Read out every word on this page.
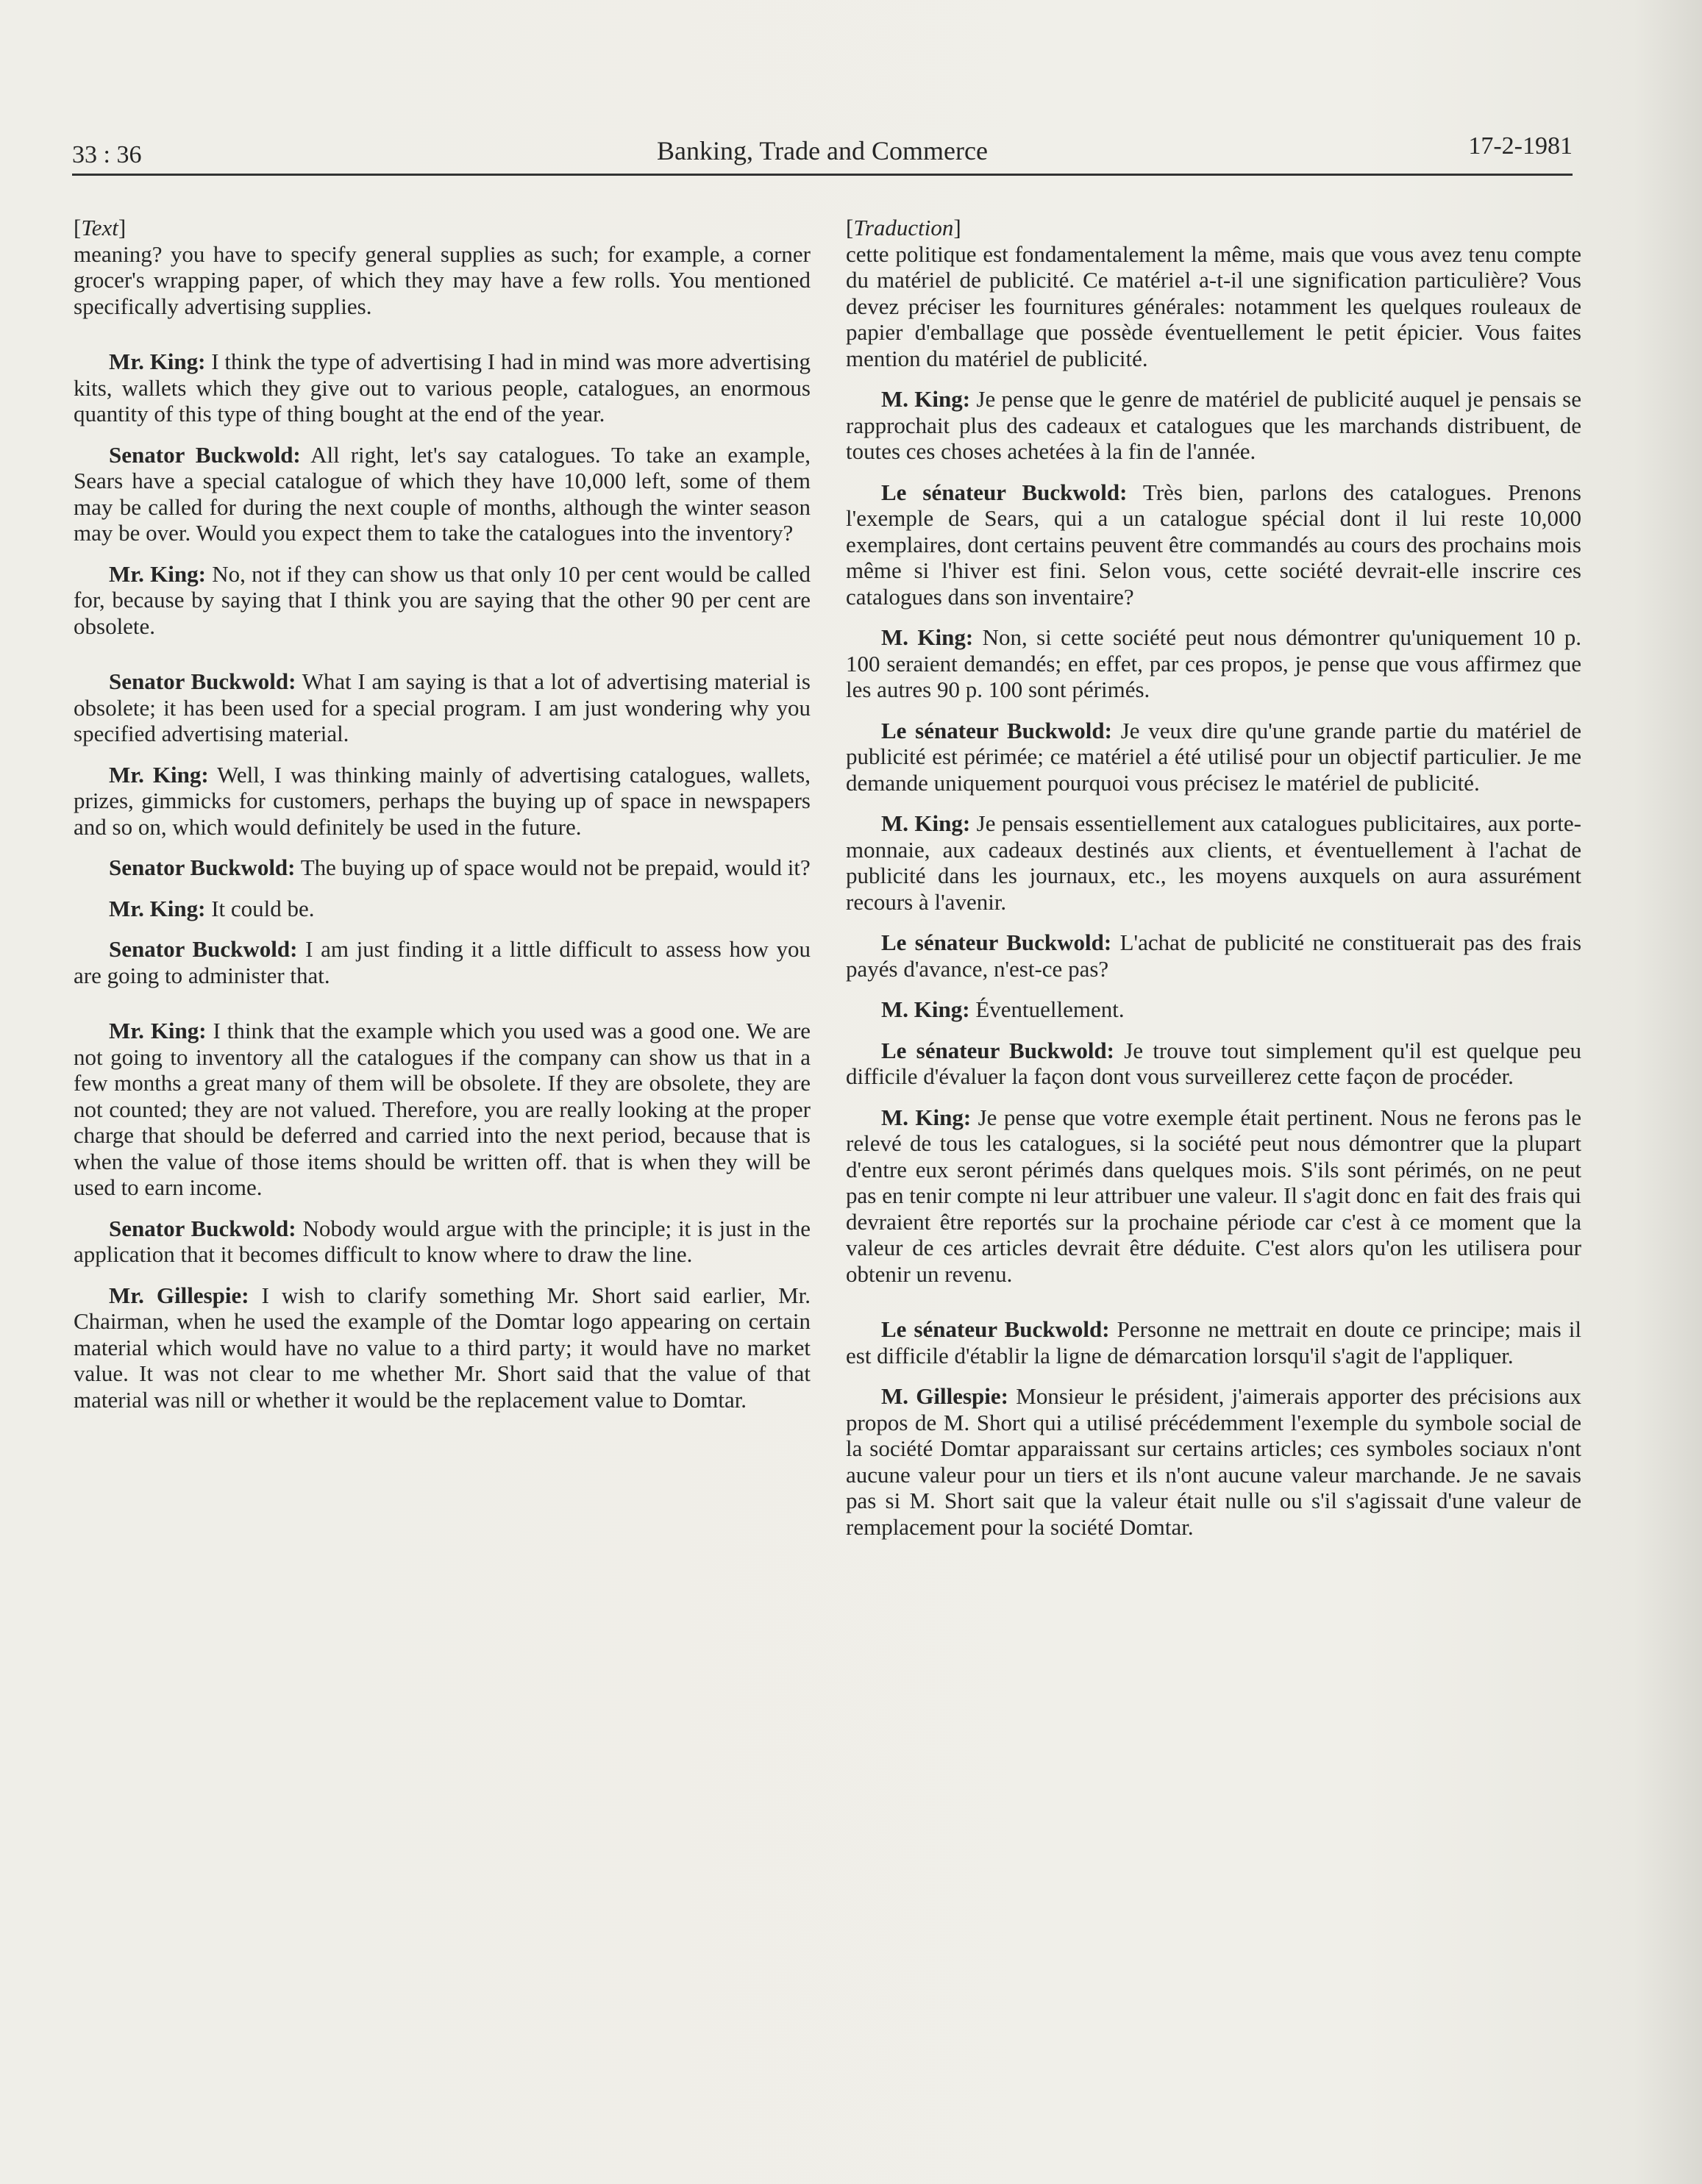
33 : 36	Banking, Trade and Commerce	17-2-1981

[Text]

meaning? you have to specify general supplies as such; for example, a corner grocer's wrapping paper, of which they may have a few rolls. You mentioned specifically advertising supplies.

Mr. King: I think the type of advertising I had in mind was more advertising kits, wallets which they give out to various people, catalogues, an enormous quantity of this type of thing bought at the end of the year.

Senator Buckwold: All right, let's say catalogues. To take an example, Sears have a special catalogue of which they have 10,000 left, some of them may be called for during the next couple of months, although the winter season may be over. Would you expect them to take the catalogues into the inventory?

Mr. King: No, not if they can show us that only 10 per cent would be called for, because by saying that I think you are saying that the other 90 per cent are obsolete.

Senator Buckwold: What I am saying is that a lot of advertising material is obsolete; it has been used for a special program. I am just wondering why you specified advertising material.

Mr. King: Well, I was thinking mainly of advertising catalogues, wallets, prizes, gimmicks for customers, perhaps the buying up of space in newspapers and so on, which would definitely be used in the future.

Senator Buckwold: The buying up of space would not be prepaid, would it?

Mr. King: It could be.

Senator Buckwold: I am just finding it a little difficult to assess how you are going to administer that.

Mr. King: I think that the example which you used was a good one. We are not going to inventory all the catalogues if the company can show us that in a few months a great many of them will be obsolete. If they are obsolete, they are not counted; they are not valued. Therefore, you are really looking at the proper charge that should be deferred and carried into the next period, because that is when the value of those items should be written off. that is when they will be used to earn income.

Senator Buckwold: Nobody would argue with the principle; it is just in the application that it becomes difficult to know where to draw the line.

Mr. Gillespie: I wish to clarify something Mr. Short said earlier, Mr. Chairman, when he used the example of the Domtar logo appearing on certain material which would have no value to a third party; it would have no market value. It was not clear to me whether Mr. Short said that the value of that material was nill or whether it would be the replacement value to Domtar.

[Traduction]

cette politique est fondamentalement la même, mais que vous avez tenu compte du matériel de publicité. Ce matériel a-t-il une signification particulière? Vous devez préciser les fournitures générales: notamment les quelques rouleaux de papier d'emballage que possède éventuellement le petit épicier. Vous faites mention du matériel de publicité.

M. King: Je pense que le genre de matériel de publicité auquel je pensais se rapprochait plus des cadeaux et catalogues que les marchands distribuent, de toutes ces choses achetées à la fin de l'année.

Le sénateur Buckwold: Très bien, parlons des catalogues. Prenons l'exemple de Sears, qui a un catalogue spécial dont il lui reste 10,000 exemplaires, dont certains peuvent être commandés au cours des prochains mois même si l'hiver est fini. Selon vous, cette société devrait-elle inscrire ces catalogues dans son inventaire?

M. King: Non, si cette société peut nous démontrer qu'uniquement 10 p. 100 seraient demandés; en effet, par ces propos, je pense que vous affirmez que les autres 90 p. 100 sont périmés.

Le sénateur Buckwold: Je veux dire qu'une grande partie du matériel de publicité est périmée; ce matériel a été utilisé pour un objectif particulier. Je me demande uniquement pourquoi vous précisez le matériel de publicité.

M. King: Je pensais essentiellement aux catalogues publicitaires, aux porte-monnaie, aux cadeaux destinés aux clients, et éventuellement à l'achat de publicité dans les journaux, etc., les moyens auxquels on aura assurément recours à l'avenir.

Le sénateur Buckwold: L'achat de publicité ne constituerait pas des frais payés d'avance, n'est-ce pas?

M. King: Éventuellement.

Le sénateur Buckwold: Je trouve tout simplement qu'il est quelque peu difficile d'évaluer la façon dont vous surveillerez cette façon de procéder.

M. King: Je pense que votre exemple était pertinent. Nous ne ferons pas le relevé de tous les catalogues, si la société peut nous démontrer que la plupart d'entre eux seront périmés dans quelques mois. S'ils sont périmés, on ne peut pas en tenir compte ni leur attribuer une valeur. Il s'agit donc en fait des frais qui devraient être reportés sur la prochaine période car c'est à ce moment que la valeur de ces articles devrait être déduite. C'est alors qu'on les utilisera pour obtenir un revenu.

Le sénateur Buckwold: Personne ne mettrait en doute ce principe; mais il est difficile d'établir la ligne de démarcation lorsqu'il s'agit de l'appliquer.

M. Gillespie: Monsieur le président, j'aimerais apporter des précisions aux propos de M. Short qui a utilisé précédemment l'exemple du symbole social de la société Domtar apparaissant sur certains articles; ces symboles sociaux n'ont aucune valeur pour un tiers et ils n'ont aucune valeur marchande. Je ne savais pas si M. Short sait que la valeur était nulle ou s'il s'agissait d'une valeur de remplacement pour la société Domtar.
